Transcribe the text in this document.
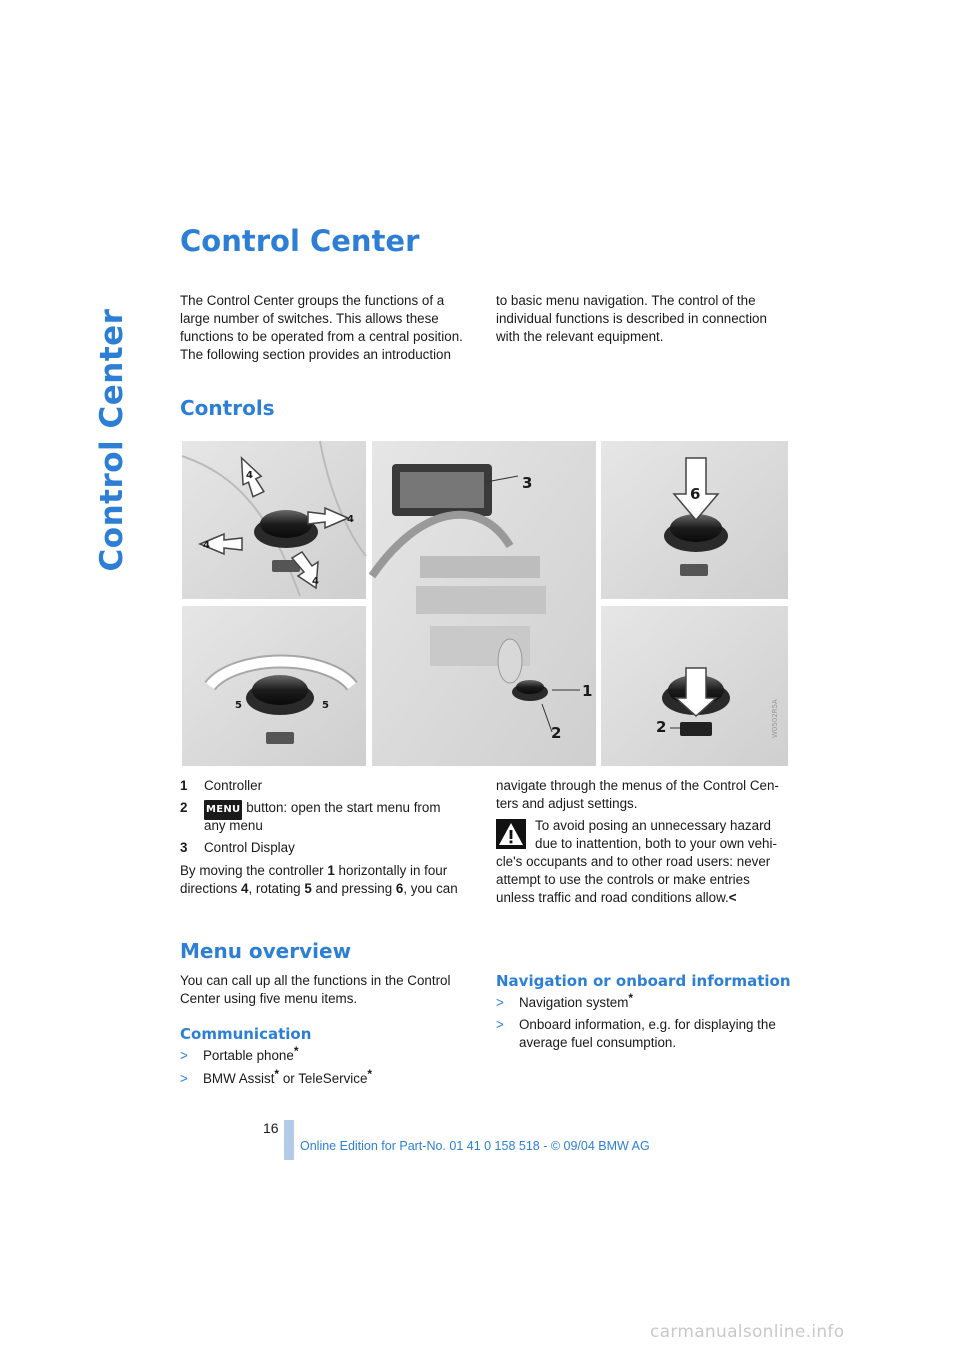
Control Center
Control Center
The Control Center groups the functions of a
large number of switches. This allows these
functions to be operated from a central position.
The following section provides an introduction
to basic menu navigation. The control of the
individual functions is described in connection
with the relevant equipment.
Controls
4
4
4
4
3
6
5	5
1
2	2	W0502R5A
1 Controller
2 MENU button: open the start menu from
any menu
3 Control Display
By moving the controller 1 horizontally in four
directions 4, rotating 5 and pressing 6, you can
navigate through the menus of the Control Cen-
ters and adjust settings.
To avoid posing an unnecessary hazard
due to inattention, both to your own vehi-
cle's occupants and to other road users: never
attempt to use the controls or make entries
unless traffic and road conditions allow.<
Menu overview
You can call up all the functions in the Control
Center using five menu items.
Communication
> Portable phone*
> BMW Assist* or TeleService*
Navigation or onboard information
> Navigation system*
> Onboard information, e.g. for displaying the
average fuel consumption.
16
Online Edition for Part-No. 01 41 0 158 518 - © 09/04 BMW AG
carmanualsonline.info
